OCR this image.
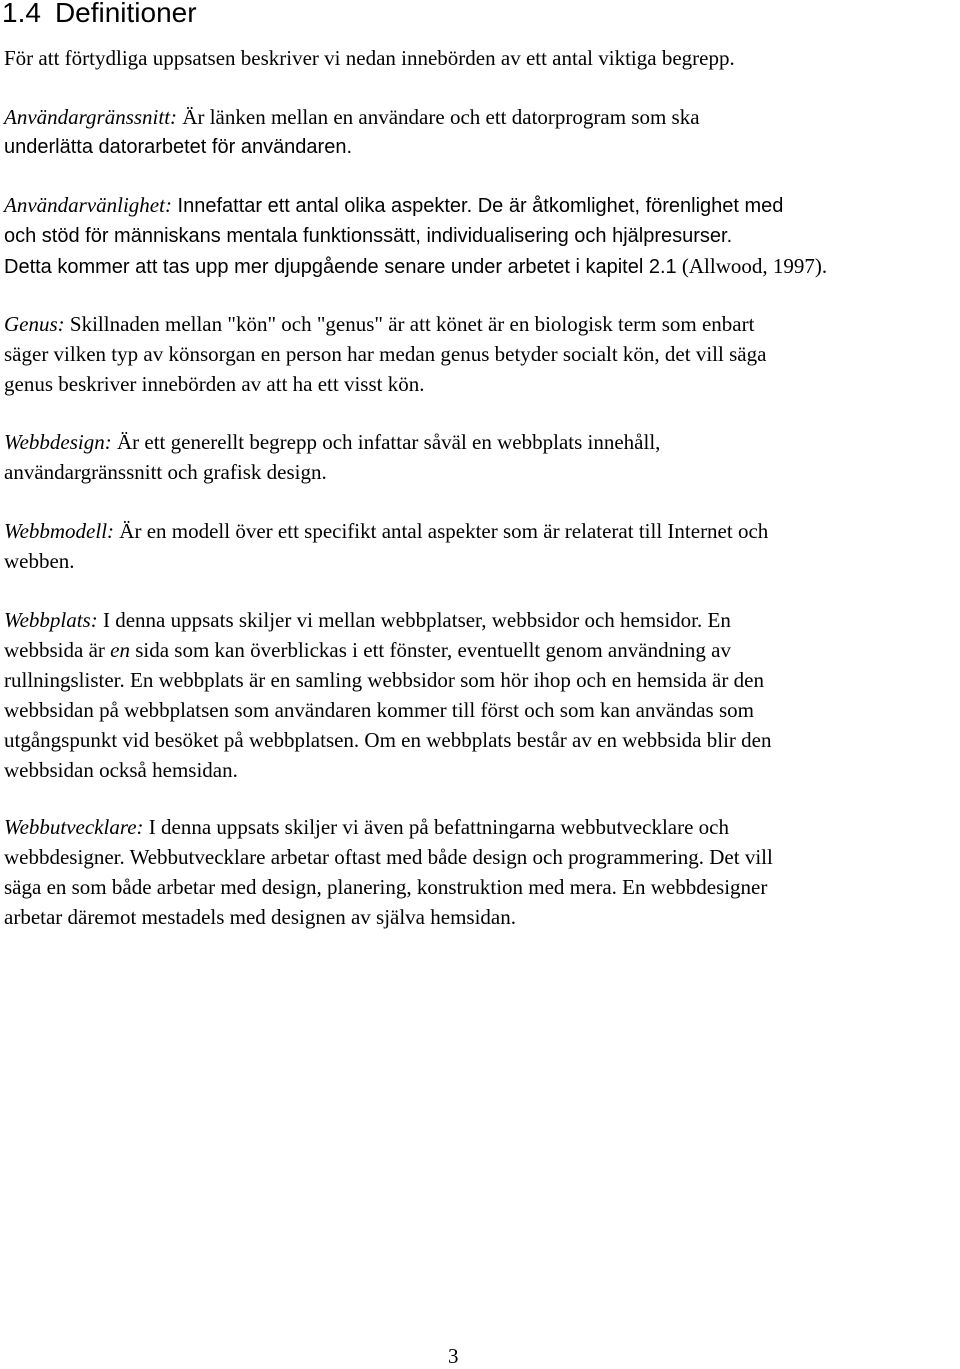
1.4 Definitioner

För att förtydliga uppsatsen beskriver vi nedan innebörden av ett antal viktiga begrepp.

Användargränssnitt: Är länken mellan en användare och ett datorprogram som ska
underlätta datorarbetet för användaren.

Användarvänlighet: Innefattar ett antal olika aspekter. De är åtkomlighet, förenlighet med
och stöd för människans mentala funktionssätt, individualisering och hjälpresurser.
Detta kommer att tas upp mer djupgående senare under arbetet i kapitel 2.1 (Allwood, 1997).

Genus: Skillnaden mellan "kön" och "genus" är att könet är en biologisk term som enbart
säger vilken typ av könsorgan en person har medan genus betyder socialt kön, det vill säga
genus beskriver innebörden av att ha ett visst kön.

Webbdesign: Är ett generellt begrepp och infattar såväl en webbplats innehåll,
användargränssnitt och grafisk design.

Webbmodell: Är en modell över ett specifikt antal aspekter som är relaterat till Internet och
webben.

Webbplats: I denna uppsats skiljer vi mellan webbplatser, webbsidor och hemsidor. En
webbsida är en sida som kan överblickas i ett fönster, eventuellt genom användning av
rullningslister. En webbplats är en samling webbsidor som hör ihop och en hemsida är den
webbsidan på webbplatsen som användaren kommer till först och som kan användas som
utgångspunkt vid besöket på webbplatsen. Om en webbplats består av en webbsida blir den
webbsidan också hemsidan.

Webbutvecklare: I denna uppsats skiljer vi även på befattningarna webbutvecklare och
webbdesigner. Webbutvecklare arbetar oftast med både design och programmering. Det vill
säga en som både arbetar med design, planering, konstruktion med mera. En webbdesigner
arbetar däremot mestadels med designen av själva hemsidan.

3
